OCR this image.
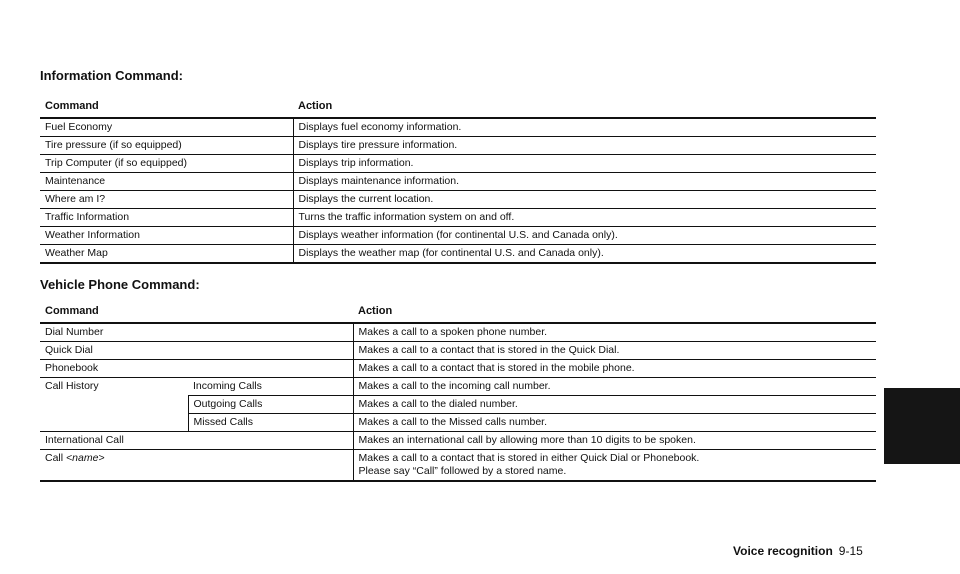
Information Command:
Command	Action
Fuel Economy	Displays fuel economy information.
Tire pressure (if so equipped)	Displays tire pressure information.
Trip Computer (if so equipped)	Displays trip information.
Maintenance	Displays maintenance information.
Where am I?	Displays the current location.
Traffic Information	Turns the traffic information system on and off.
Weather Information	Displays weather information (for continental U.S. and Canada only).
Weather Map	Displays the weather map (for continental U.S. and Canada only).
Vehicle Phone Command:
Command		Action
Dial Number		Makes a call to a spoken phone number.
Quick Dial		Makes a call to a contact that is stored in the Quick Dial.
Phonebook		Makes a call to a contact that is stored in the mobile phone.
Call History	Incoming Calls	Makes a call to the incoming call number.
	Outgoing Calls	Makes a call to the dialed number.
	Missed Calls	Makes a call to the Missed calls number.
International Call		Makes an international call by allowing more than 10 digits to be spoken.
Call <name>		Makes a call to a contact that is stored in either Quick Dial or Phonebook.
Please say “Call” followed by a stored name.
Voice recognition 9-15
